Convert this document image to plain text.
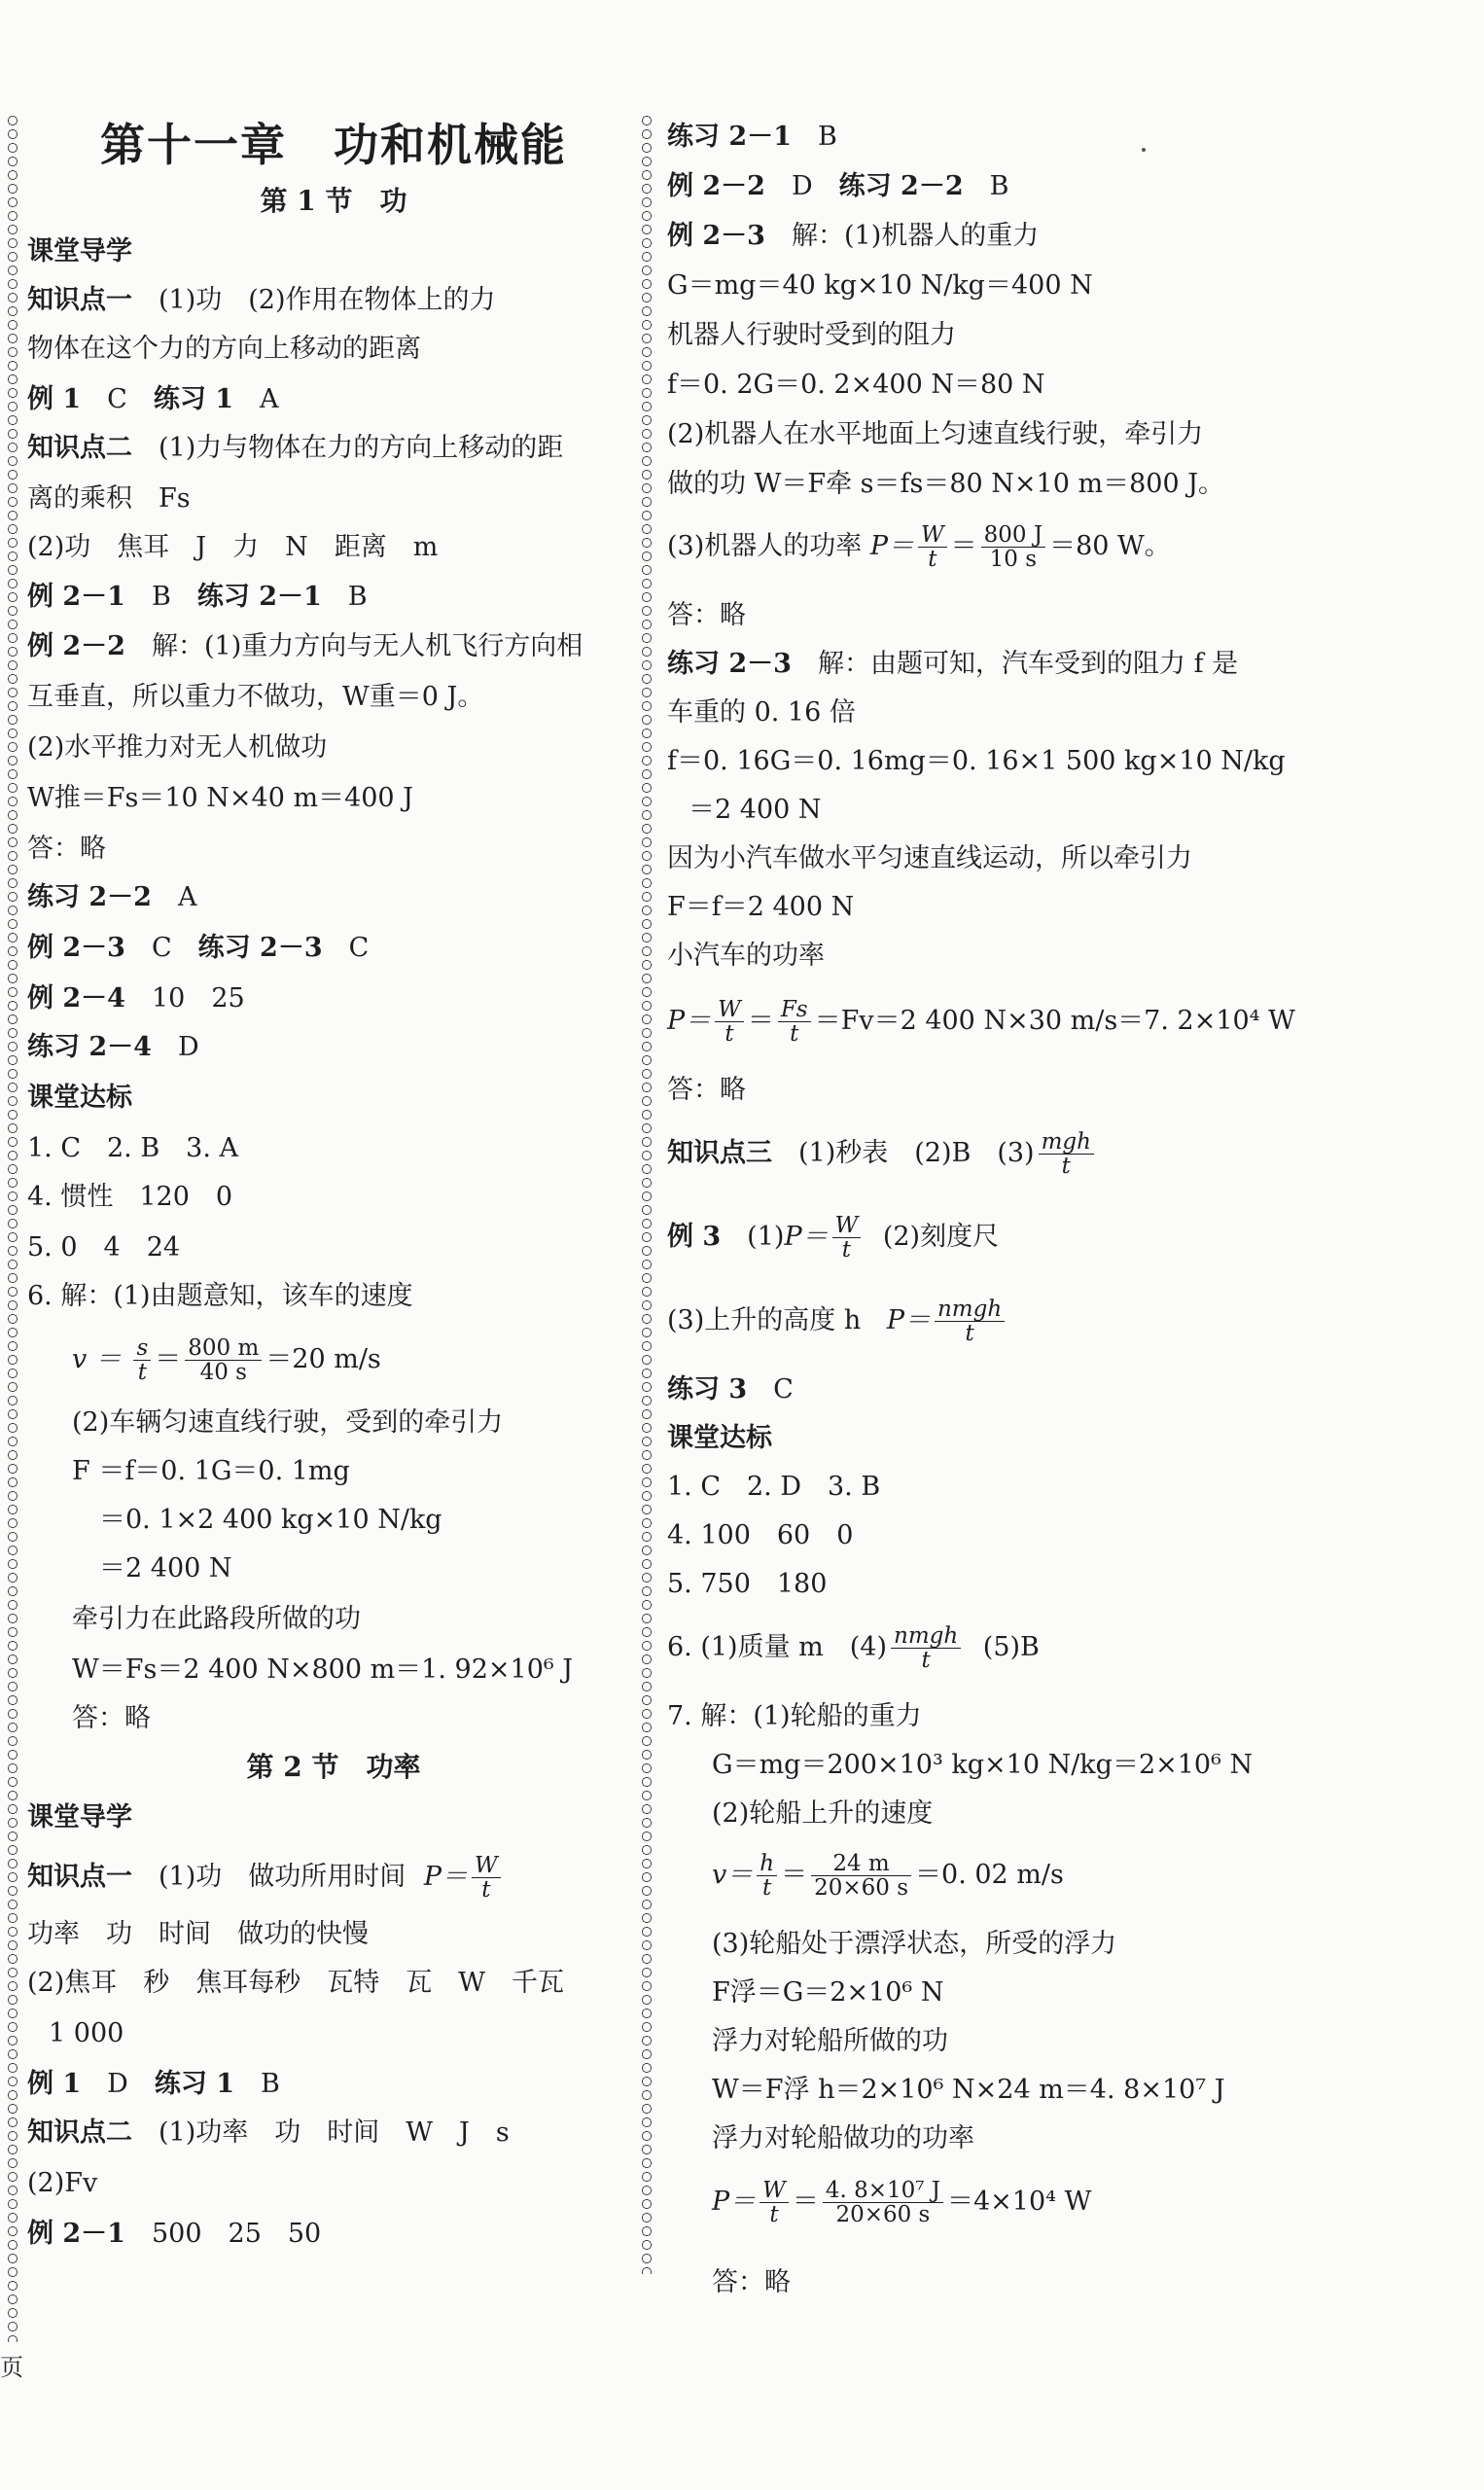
第十一章　功和机械能
第 1 节　功
课堂导学
知识点一　(1)功　(2)作用在物体上的力
物体在这个力的方向上移动的距离
例 1　C　练习 1　A
知识点二　(1)力与物体在力的方向上移动的距
离的乘积　Fs
(2)功　焦耳　J　力　N　距离　m
例 2－1　B　练习 2－1　B
例 2－2　解：(1)重力方向与无人机飞行方向相
互垂直，所以重力不做功，W重＝0 J。
(2)水平推力对无人机做功
W推＝Fs＝10 N×40 m＝400 J
答：略
练习 2－2　A
例 2－3　C　练习 2－3　C
例 2－4　10　25
练习 2－4　D
课堂达标
1. C　2. B　3. A
4. 惯性　120　0
5. 0　4　24
6. 解：(1)由题意知，该车的速度
$v = \frac{s}{t} = \frac{800 m}{40 s} =20$ m/s
(2)车辆匀速直线行驶，受到的牵引力
F ＝f＝0. 1G＝0. 1mg
＝0. 1×2 400 kg×10 N/kg
＝2 400 N
牵引力在此路段所做的功
W＝Fs＝2 400 N×800 m＝1. 92×10⁶ J
答：略
第 2 节　功率
课堂导学
知识点一　(1)功　做功所用时间 $P= \frac{W}{t}$
功率　功　时间　做功的快慢
(2)焦耳　秒　焦耳每秒　瓦特　瓦　W　千瓦
1 000
例 1　D　练习 1　B
知识点二　(1)功率　功　时间　W　J　s
(2)Fv
例 2－1　500　25　50
练习 2－1　B
例 2－2　D　练习 2－2　B
例 2－3　解：(1)机器人的重力
G＝mg＝40 kg×10 N/kg＝400 N
机器人行驶时受到的阻力
f＝0. 2G＝0. 2×400 N＝80 N
(2)机器人在水平地面上匀速直线行驶，牵引力
做的功 W＝F牵 s＝fs＝80 N×10 m＝800 J。
(3)机器人的功率 $P= \frac{W}{t} = \frac{800 J}{10 s} =80$ W。
答：略
练习 2－3　解：由题可知，汽车受到的阻力 f 是
车重的 0. 16 倍
f＝0. 16G＝0. 16mg＝0. 16×1 500 kg×10 N/kg
＝2 400 N
因为小汽车做水平匀速直线运动，所以牵引力
F＝f＝2 400 N
小汽车的功率
$P= \frac{W}{t} = \frac{Fs}{t} =Fv=2$ 400 N×30 m/s＝7. 2×10⁴ W
答：略
知识点三　(1)秒表　(2)B　$(3) \frac{\text{mgh}}{t}$
例 3　$(1)P= \frac{W}{t} (2)$刻度尺
(3)上升的高度 h $P= \frac{\text{nmgh}}{t}$
练习 3　C
课堂达标
1. C　2. D　3. B
4. 100　60　0
5. 750　180
6. (1)质量 m　$(4) \frac{\text{nmgh}}{t} (5)B$
7. 解：(1)轮船的重力
G＝mg＝200×10³ kg×10 N/kg＝2×10⁶ N
(2)轮船上升的速度
$v= \frac{h}{t} = \frac{24 m}{20\times 60 s} =0$. 02 m/s
(3)轮船处于漂浮状态，所受的浮力
F浮＝G＝2×10⁶ N
浮力对轮船所做的功
W＝F浮 h＝2×10⁶ N×24 m＝4. 8×10⁷ J
浮力对轮船做功的功率
$P= \frac{W}{t} = \frac{\text{4. 8×10⁷ J}}{20\times 60 s} =4\times 10^4$ W
答：略
页
